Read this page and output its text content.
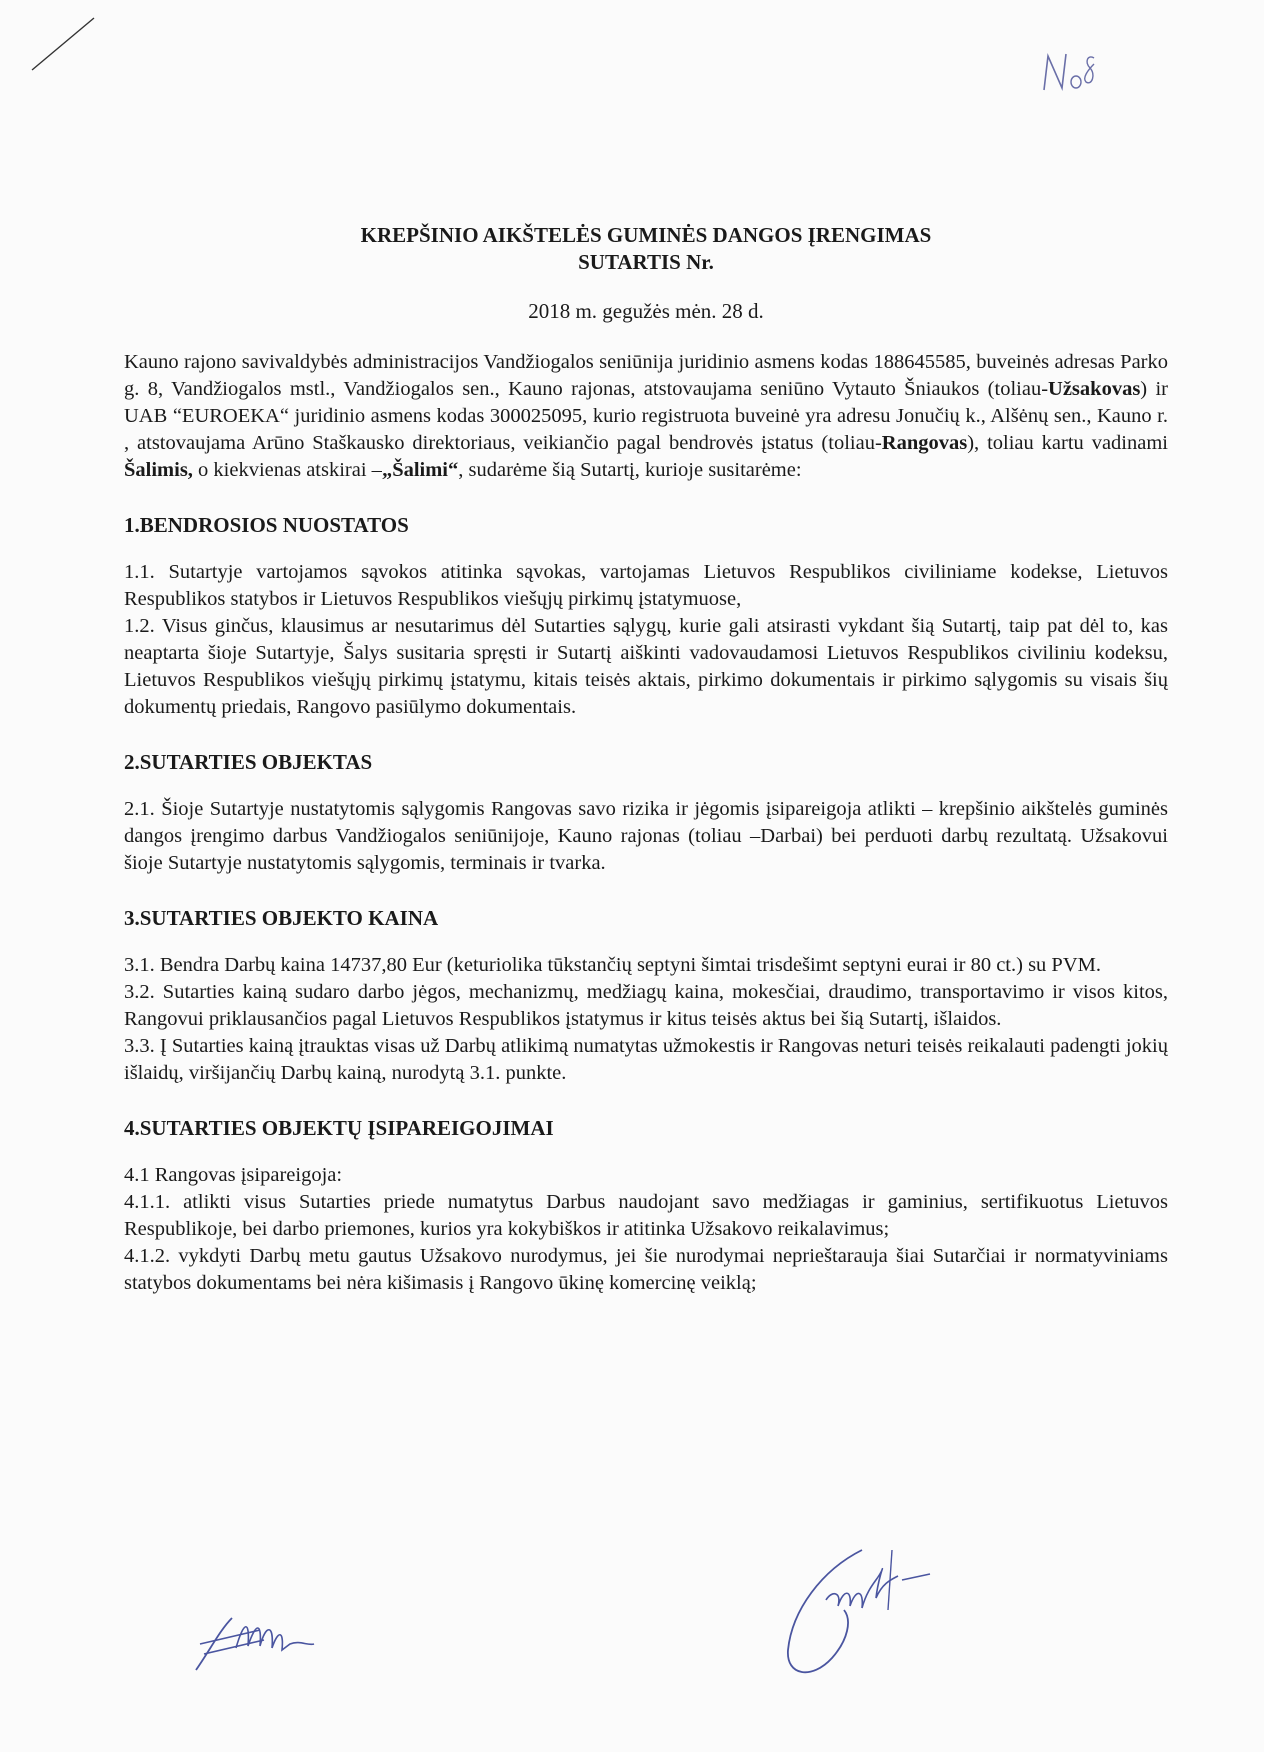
KREPŠINIO AIKŠTELĖS GUMINĖS DANGOS ĮRENGIMAS
SUTARTIS Nr.
2018 m. gegužės mėn. 28 d.

Kauno rajono savivaldybės administracijos Vandžiogalos seniūnija juridinio asmens kodas 188645585, buveinės adresas Parko g. 8, Vandžiogalos mstl., Vandžiogalos sen., Kauno rajonas, atstovaujama seniūno Vytauto Šniaukos (toliau-Užsakovas) ir UAB “EUROEKA“ juridinio asmens kodas 300025095, kurio registruota buveinė yra adresu Jonučių k., Alšėnų sen., Kauno r. , atstovaujama Arūno Staškausko direktoriaus, veikiančio pagal bendrovės įstatus (toliau-Rangovas), toliau kartu vadinami Šalimis, o kiekvienas atskirai –„Šalimi“, sudarėme šią Sutartį, kurioje susitarėme:

1.BENDROSIOS NUOSTATOS

1.1. Sutartyje vartojamos sąvokos atitinka sąvokas, vartojamas Lietuvos Respublikos civiliniame kodekse, Lietuvos Respublikos statybos ir Lietuvos Respublikos viešųjų pirkimų įstatymuose,

1.2. Visus ginčus, klausimus ar nesutarimus dėl Sutarties sąlygų, kurie gali atsirasti vykdant šią Sutartį, taip pat dėl to, kas neaptarta šioje Sutartyje, Šalys susitaria spręsti ir Sutartį aiškinti vadovaudamosi Lietuvos Respublikos civiliniu kodeksu, Lietuvos Respublikos viešųjų pirkimų įstatymu, kitais teisės aktais, pirkimo dokumentais ir pirkimo sąlygomis su visais šių dokumentų priedais, Rangovo pasiūlymo dokumentais.

2.SUTARTIES OBJEKTAS

2.1. Šioje Sutartyje nustatytomis sąlygomis Rangovas savo rizika ir jėgomis įsipareigoja atlikti – krepšinio aikštelės guminės dangos įrengimo darbus Vandžiogalos seniūnijoje, Kauno rajonas (toliau –Darbai) bei perduoti darbų rezultatą. Užsakovui šioje Sutartyje nustatytomis sąlygomis, terminais ir tvarka.

3.SUTARTIES OBJEKTO KAINA

3.1. Bendra Darbų kaina 14737,80 Eur (keturiolika tūkstančių septyni šimtai trisdešimt septyni eurai ir 80 ct.) su PVM.

3.2. Sutarties kainą sudaro darbo jėgos, mechanizmų, medžiagų kaina, mokesčiai, draudimo, transportavimo ir visos kitos, Rangovui priklausančios pagal Lietuvos Respublikos įstatymus ir kitus teisės aktus bei šią Sutartį, išlaidos.

3.3. Į Sutarties kainą įtrauktas visas už Darbų atlikimą numatytas užmokestis ir Rangovas neturi teisės reikalauti padengti jokių išlaidų, viršijančių Darbų kainą, nurodytą 3.1. punkte.

4.SUTARTIES OBJEKTŲ ĮSIPAREIGOJIMAI

4.1 Rangovas įsipareigoja:

4.1.1. atlikti visus Sutarties priede numatytus Darbus naudojant savo medžiagas ir gaminius, sertifikuotus Lietuvos Respublikoje, bei darbo priemones, kurios yra kokybiškos ir atitinka Užsakovo reikalavimus;

4.1.2. vykdyti Darbų metu gautus Užsakovo nurodymus, jei šie nurodymai neprieštarauja šiai Sutarčiai ir normatyviniams statybos dokumentams bei nėra kišimasis į Rangovo ūkinę komercinę veiklą;
